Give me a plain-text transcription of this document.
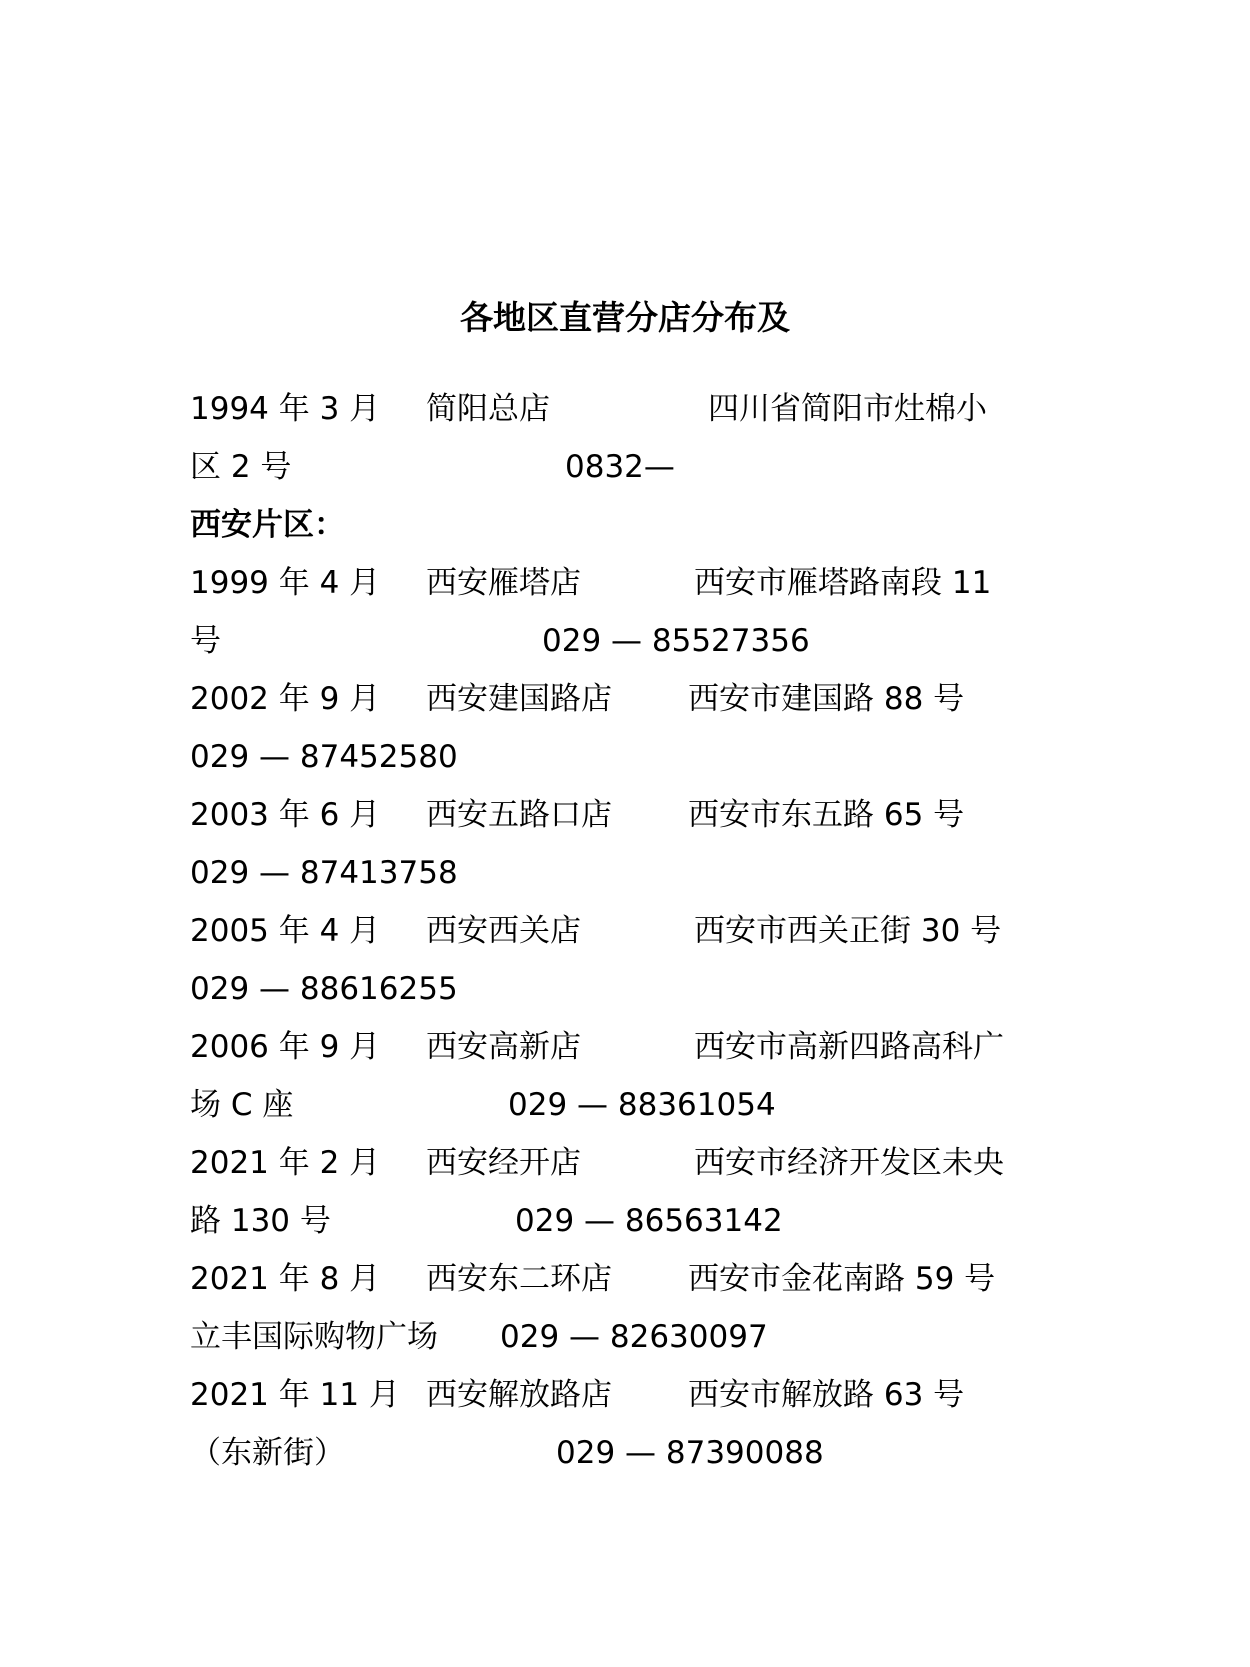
各地区直营分店分布及
1994 年 3 月 简阳总店	四川省简阳市灶棉小
区 2 号	0832—
西安片区：
1999 年 4 月 西安雁塔店	西安市雁塔路南段 11
号	029 — 85527356
2002 年 9 月 西安建国路店 西安市建国路 88 号
029 — 87452580
2003 年 6 月 西安五路口店 西安市东五路 65 号
029 — 87413758
2005 年 4 月 西安西关店	西安市西关正街 30 号
029 — 88616255
2006 年 9 月 西安高新店	西安市高新四路高科广
场 C 座	029 — 88361054
2021 年 2 月 西安经开店	西安市经济开发区未央
路 130 号	029 — 86563142
2021 年 8 月 西安东二环店 西安市金花南路 59 号
立丰国际购物广场 029 — 82630097
2021 年 11 月 西安解放路店 西安市解放路 63 号
（东新街）	029 — 87390088
